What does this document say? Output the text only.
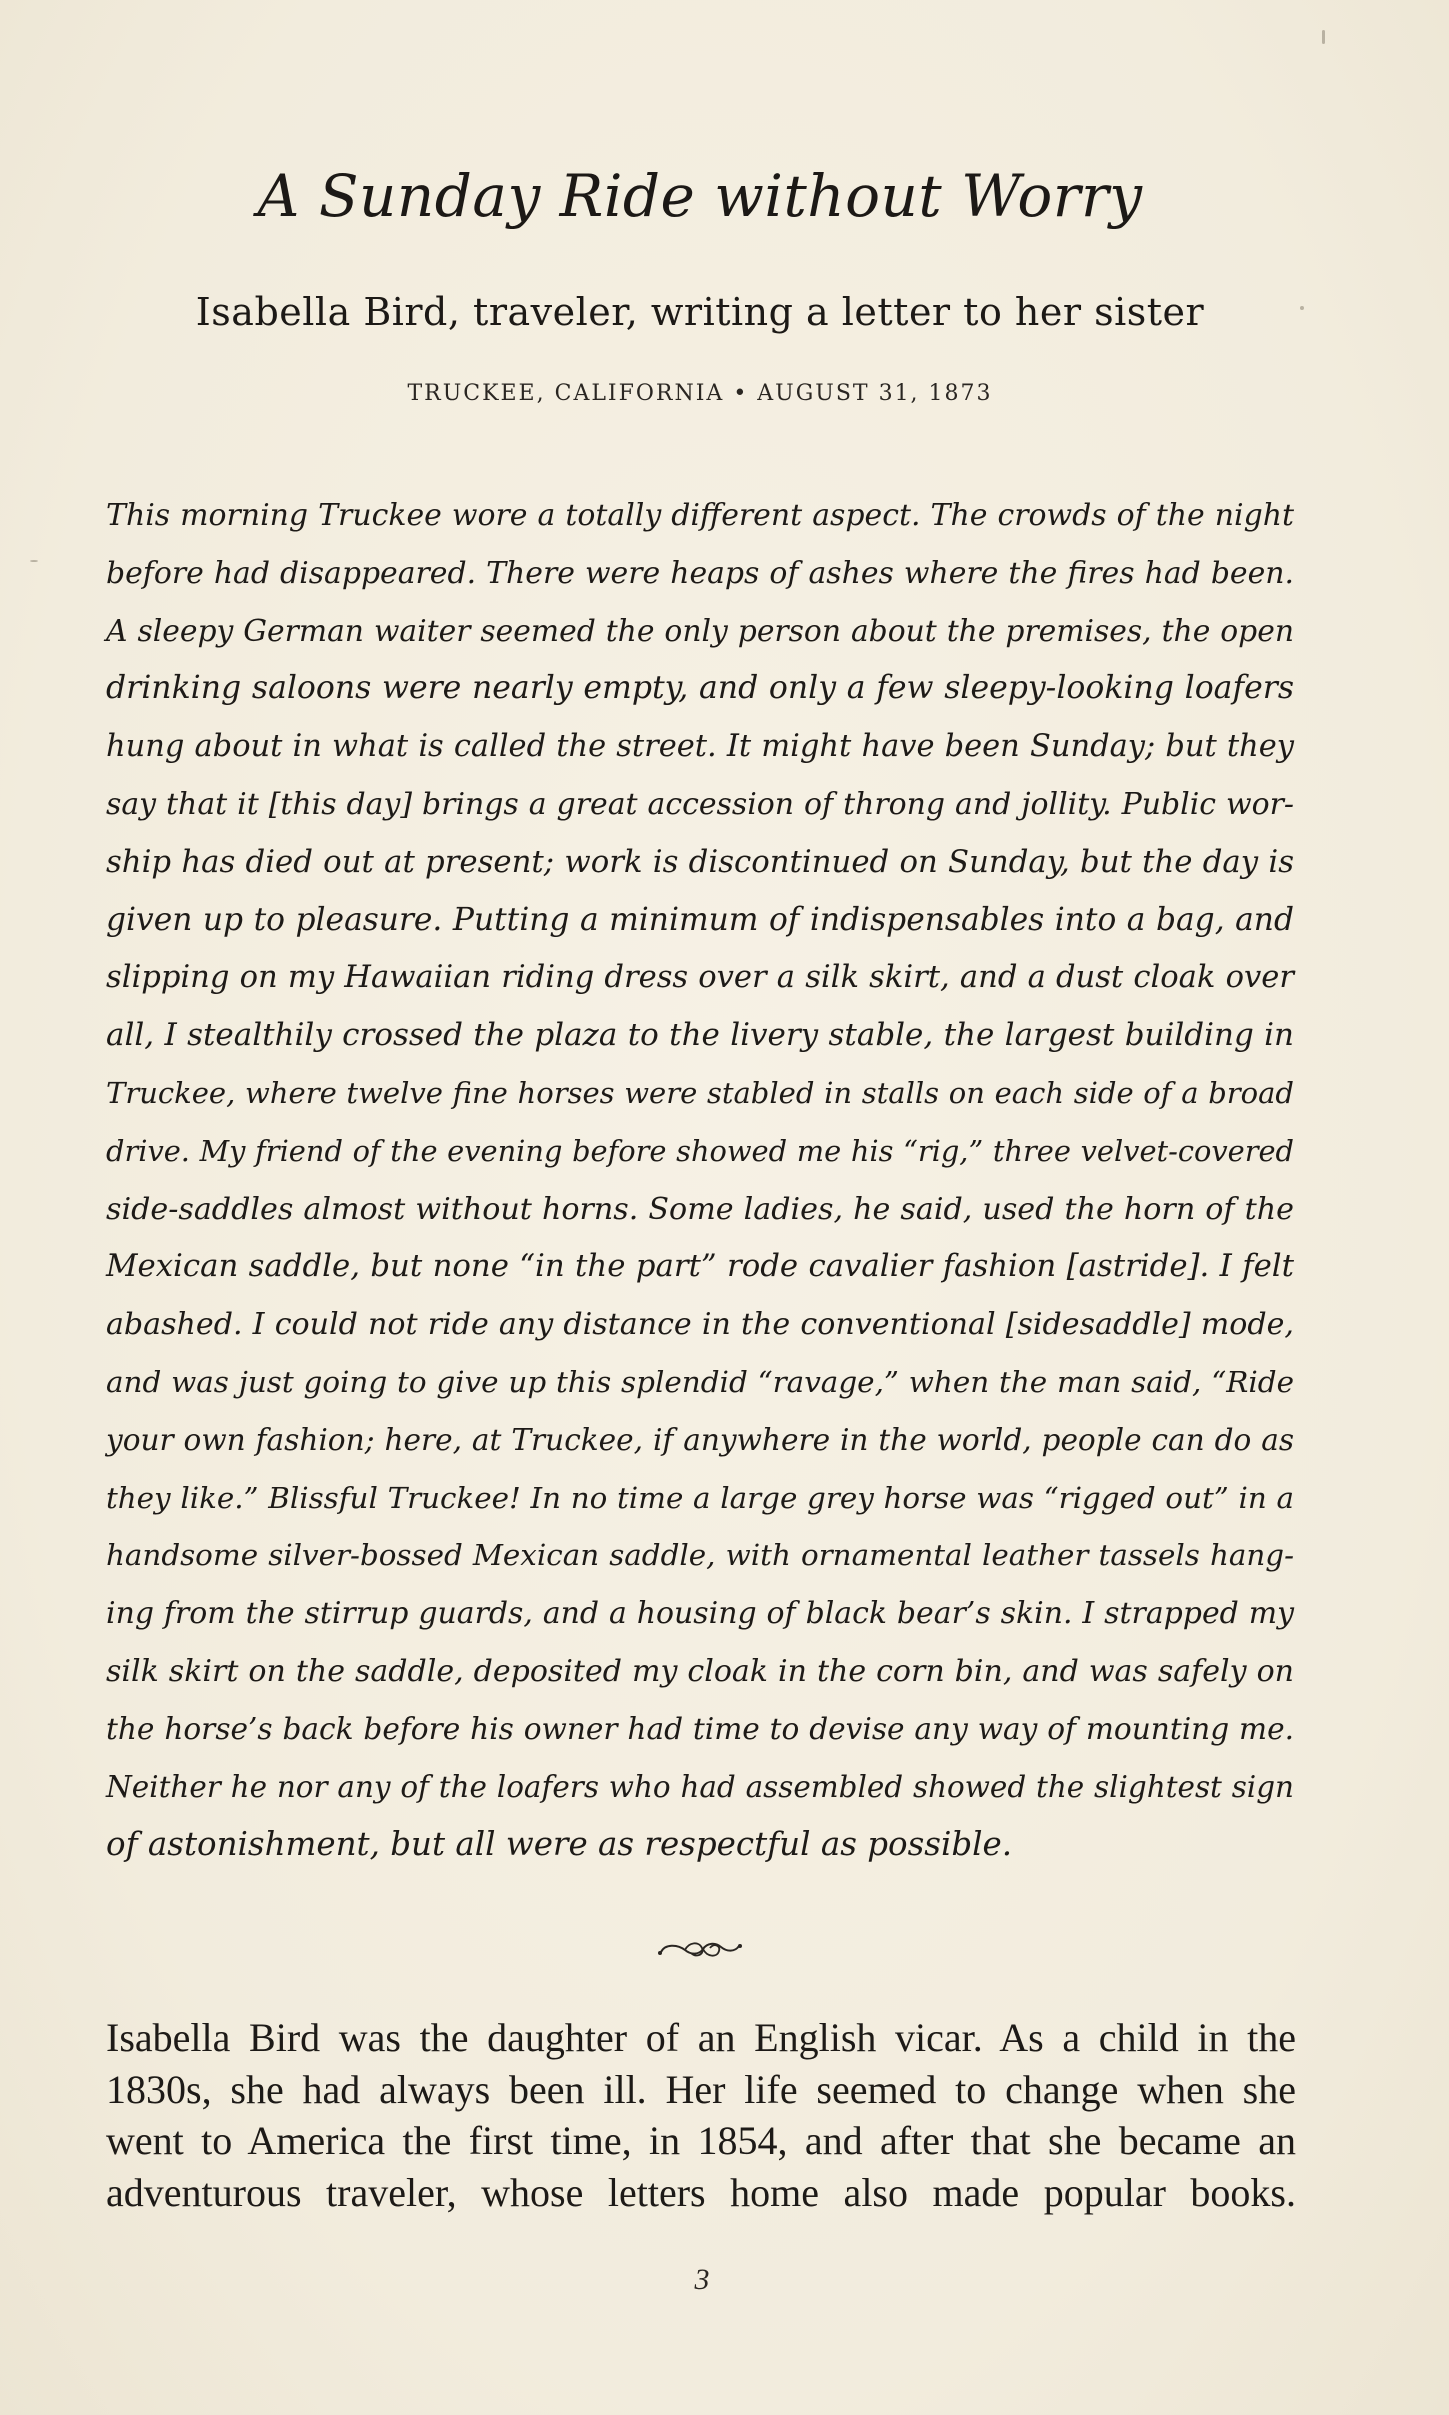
A Sunday Ride without Worry
Isabella Bird, traveler, writing a letter to her sister
TRUCKEE, CALIFORNIA • AUGUST 31, 1873
This morning Truckee wore a totally different aspect. The crowds of the night
before had disappeared. There were heaps of ashes where the fires had been.
A sleepy German waiter seemed the only person about the premises, the open
drinking saloons were nearly empty, and only a few sleepy-looking loafers
hung about in what is called the street. It might have been Sunday; but they
say that it [this day] brings a great accession of throng and jollity. Public wor-
ship has died out at present; work is discontinued on Sunday, but the day is
given up to pleasure. Putting a minimum of indispensables into a bag, and
slipping on my Hawaiian riding dress over a silk skirt, and a dust cloak over
all, I stealthily crossed the plaza to the livery stable, the largest building in
Truckee, where twelve fine horses were stabled in stalls on each side of a broad
drive. My friend of the evening before showed me his “rig,” three velvet-covered
side-saddles almost without horns. Some ladies, he said, used the horn of the
Mexican saddle, but none “in the part” rode cavalier fashion [astride]. I felt
abashed. I could not ride any distance in the conventional [sidesaddle] mode,
and was just going to give up this splendid “ravage,” when the man said, “Ride
your own fashion; here, at Truckee, if anywhere in the world, people can do as
they like.” Blissful Truckee! In no time a large grey horse was “rigged out” in a
handsome silver-bossed Mexican saddle, with ornamental leather tassels hang-
ing from the stirrup guards, and a housing of black bear’s skin. I strapped my
silk skirt on the saddle, deposited my cloak in the corn bin, and was safely on
the horse’s back before his owner had time to devise any way of mounting me.
Neither he nor any of the loafers who had assembled showed the slightest sign
of astonishment, but all were as respectful as possible.
Isabella Bird was the daughter of an English vicar. As a child in the
1830s, she had always been ill. Her life seemed to change when she
went to America the first time, in 1854, and after that she became an
adventurous traveler, whose letters home also made popular books.
3
